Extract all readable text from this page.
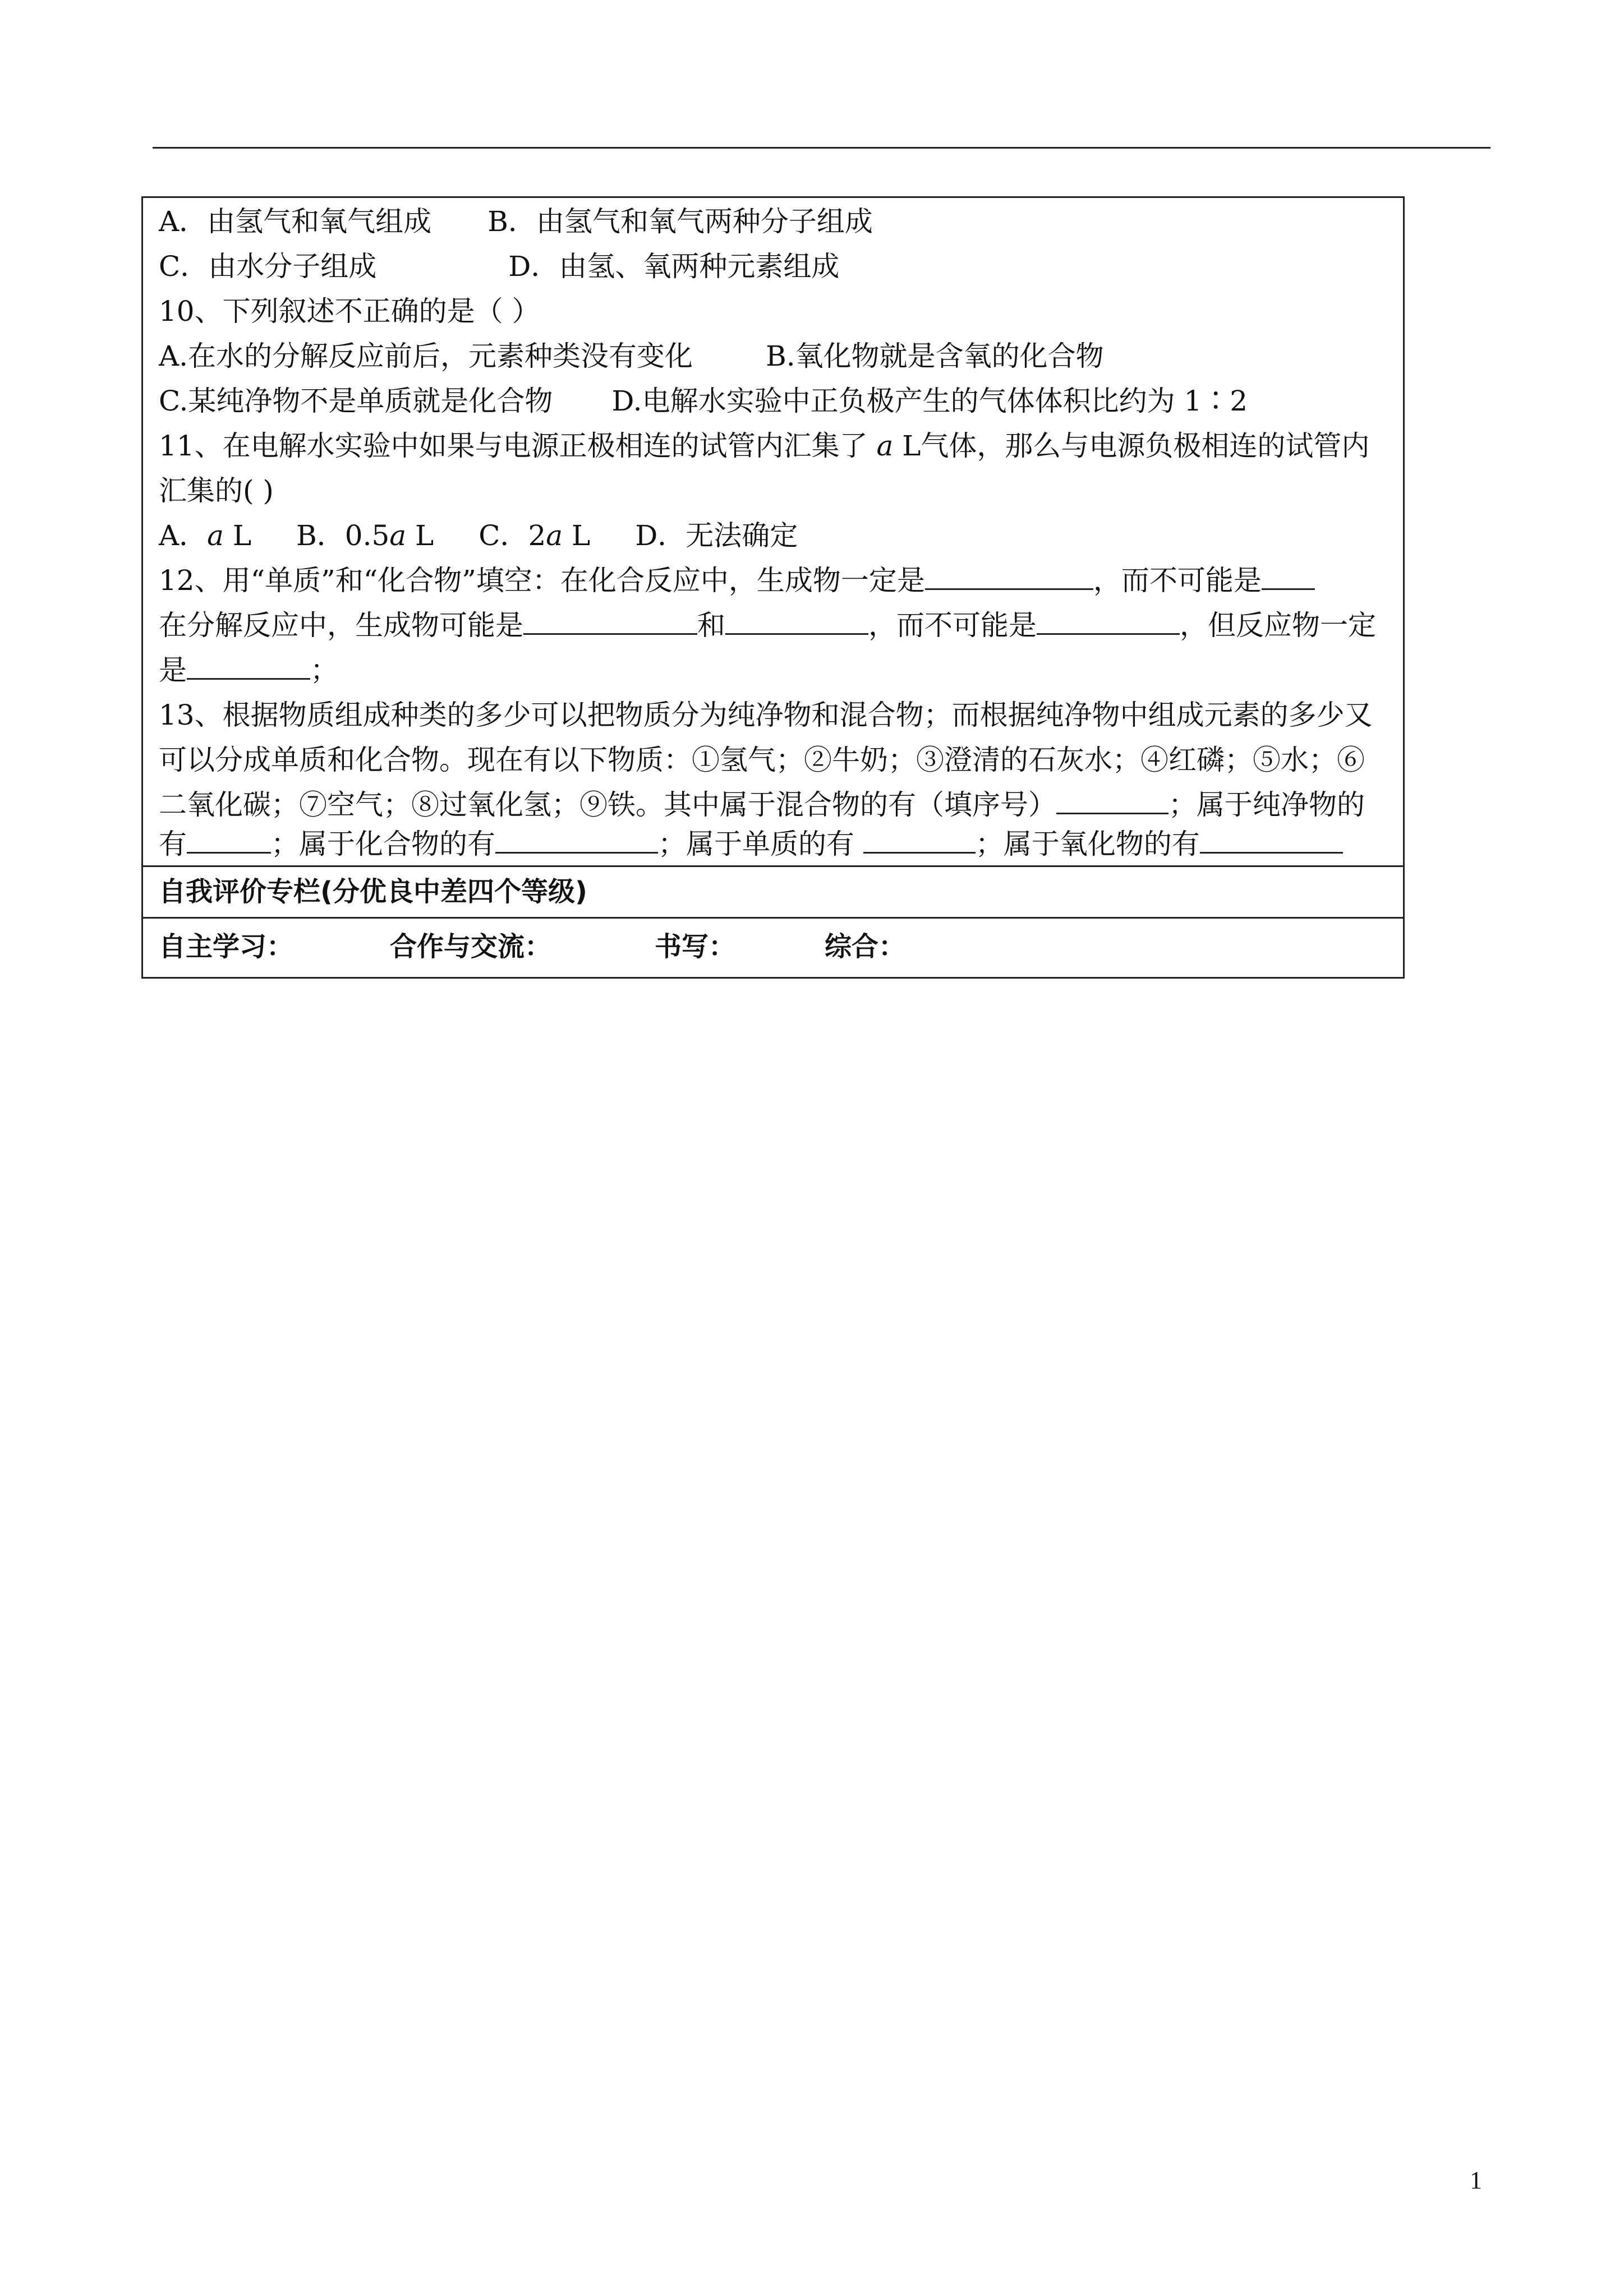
A．由氢气和氧气组成 B．由氢气和氧气两种分子组成
C．由水分子组成	D．由氢、氧两种元素组成
10、下列叙述不正确的是（ ）
A.在水的分解反应前后，元素种类没有变化	B.氧化物就是含氧的化合物
C.某纯净物不是单质就是化合物 D.电解水实验中正负极产生的气体体积比约为 1∶2
11、在电解水实验中如果与电源正极相连的试管内汇集了 a L气体，那么与电源负极相连的试管内
汇集的( )
A．a L B．0.5a L C．2a L D．无法确定
12、用“单质”和“化合物”填空：在化合反应中，生成物一定是	，而不可能是
在分解反应中，生成物可能是	和	，而不可能是	，但反应物一定
是	；
13、根据物质组成种类的多少可以把物质分为纯净物和混合物；而根据纯净物中组成元素的多少又
可以分成单质和化合物。现在有以下物质：①氢气；②牛奶；③澄清的石灰水；④红磷；⑤水；⑥
二氧化碳；⑦空气；⑧过氧化氢；⑨铁。其中属于混合物的有（填序号）	；属于纯净物的
有	；属于化合物的有	；属于单质的有	；属于氧化物的有
自我评价专栏(分优良中差四个等级)
自主学习：	合作与交流：	书写：	综合：
1
